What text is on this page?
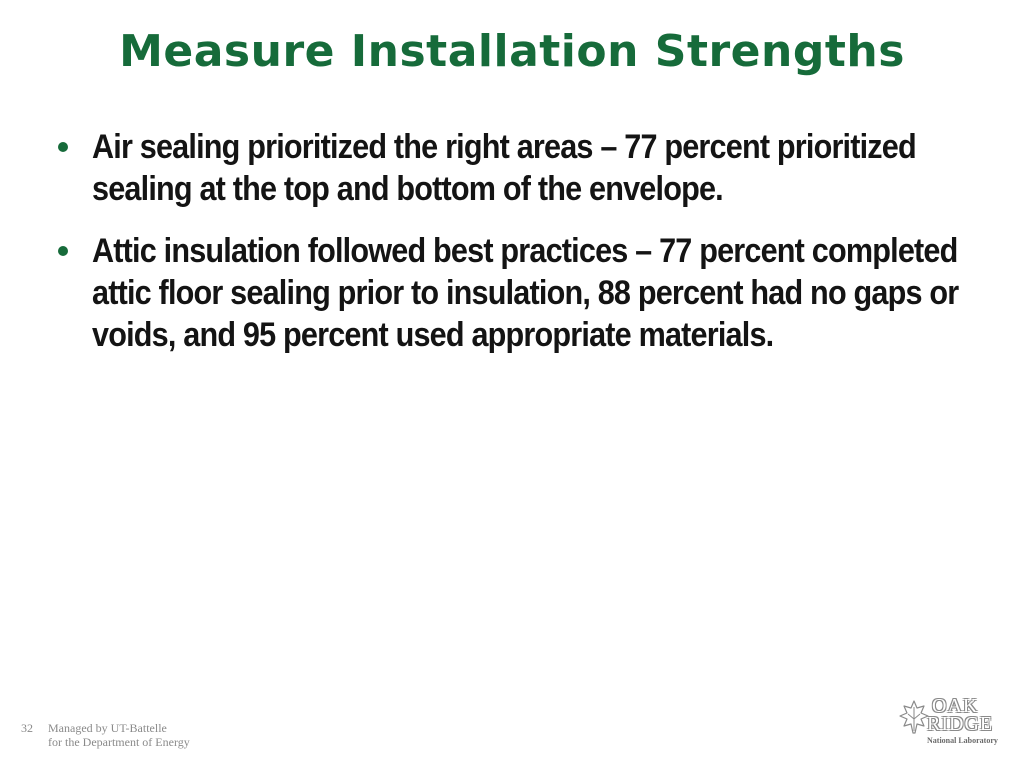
Measure Installation Strengths
Air sealing prioritized the right areas – 77 percent prioritized sealing at the top and bottom of the envelope.
Attic insulation followed best practices – 77 percent completed attic floor sealing prior to insulation, 88 percent had no gaps or voids, and 95 percent used appropriate materials.
32	Managed by UT-Battelle
for the Department of Energy
OAK
RIDGE
National Laboratory
